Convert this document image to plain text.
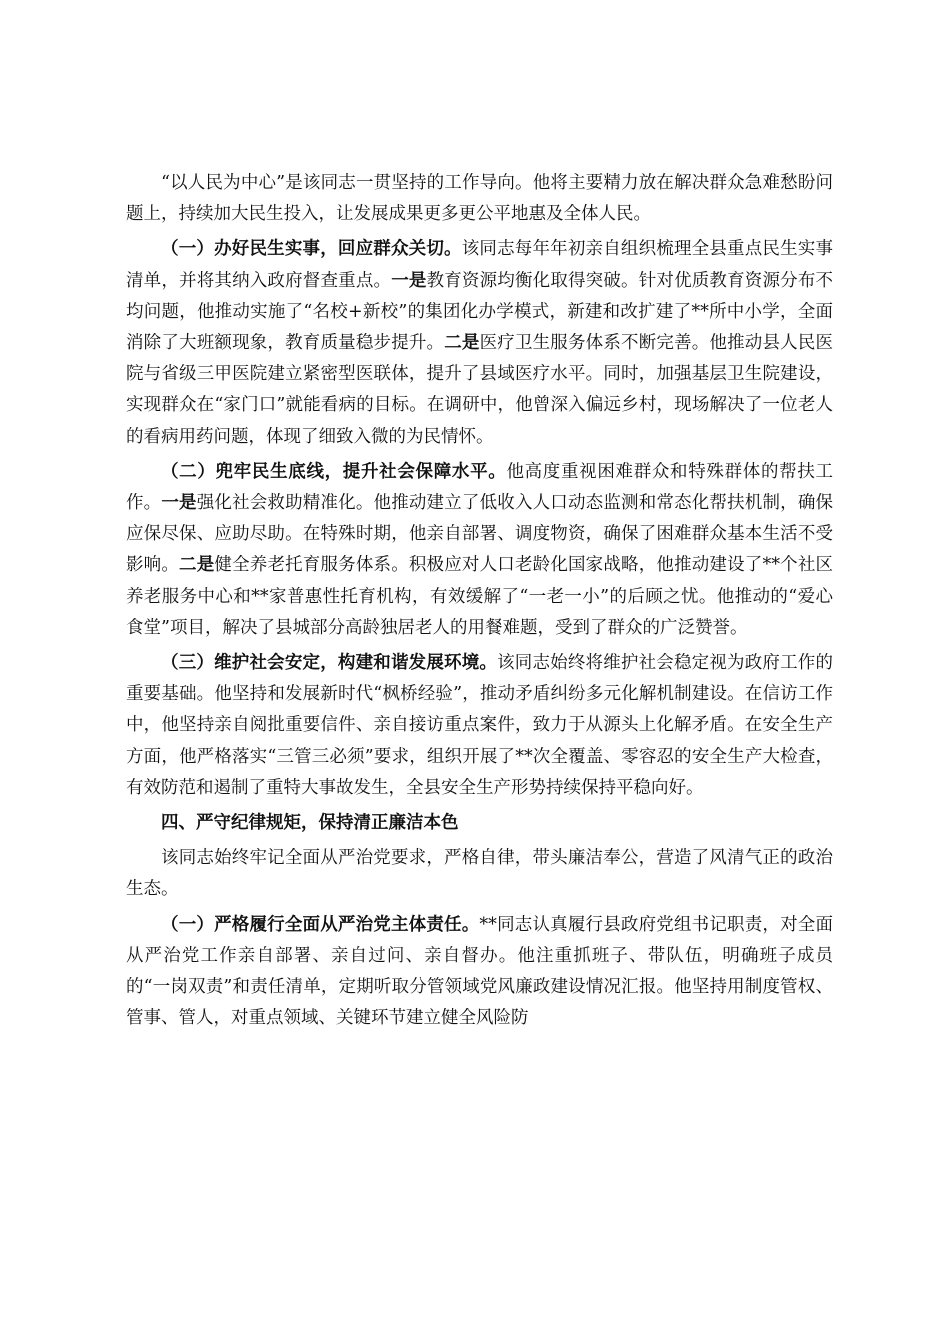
“以人民为中心”是该同志一贯坚持的工作导向。他将主要精力放在解决群众急难愁盼问题上，持续加大民生投入，让发展成果更多更公平地惠及全体人民。

（一）办好民生实事，回应群众关切。该同志每年年初亲自组织梳理全县重点民生实事清单，并将其纳入政府督查重点。一是教育资源均衡化取得突破。针对优质教育资源分布不均问题，他推动实施了“名校+新校”的集团化办学模式，新建和改扩建了**所中小学，全面消除了大班额现象，教育质量稳步提升。二是医疗卫生服务体系不断完善。他推动县人民医院与省级三甲医院建立紧密型医联体，提升了县域医疗水平。同时，加强基层卫生院建设，实现群众在“家门口”就能看病的目标。在调研中，他曾深入偏远乡村，现场解决了一位老人的看病用药问题，体现了细致入微的为民情怀。

（二）兜牢民生底线，提升社会保障水平。他高度重视困难群众和特殊群体的帮扶工作。一是强化社会救助精准化。他推动建立了低收入人口动态监测和常态化帮扶机制，确保应保尽保、应助尽助。在特殊时期，他亲自部署、调度物资，确保了困难群众基本生活不受影响。二是健全养老托育服务体系。积极应对人口老龄化国家战略，他推动建设了**个社区养老服务中心和**家普惠性托育机构，有效缓解了“一老一小”的后顾之忧。他推动的“爱心食堂”项目，解决了县城部分高龄独居老人的用餐难题，受到了群众的广泛赞誉。

（三）维护社会安定，构建和谐发展环境。该同志始终将维护社会稳定视为政府工作的重要基础。他坚持和发展新时代“枫桥经验”，推动矛盾纠纷多元化解机制建设。在信访工作中，他坚持亲自阅批重要信件、亲自接访重点案件，致力于从源头上化解矛盾。在安全生产方面，他严格落实“三管三必须”要求，组织开展了**次全覆盖、零容忍的安全生产大检查，有效防范和遏制了重特大事故发生，全县安全生产形势持续保持平稳向好。

四、严守纪律规矩，保持清正廉洁本色

该同志始终牢记全面从严治党要求，严格自律，带头廉洁奉公，营造了风清气正的政治生态。

（一）严格履行全面从严治党主体责任。**同志认真履行县政府党组书记职责，对全面从严治党工作亲自部署、亲自过问、亲自督办。他注重抓班子、带队伍，明确班子成员的“一岗双责”和责任清单，定期听取分管领域党风廉政建设情况汇报。他坚持用制度管权、管事、管人，对重点领域、关键环节建立健全风险防
